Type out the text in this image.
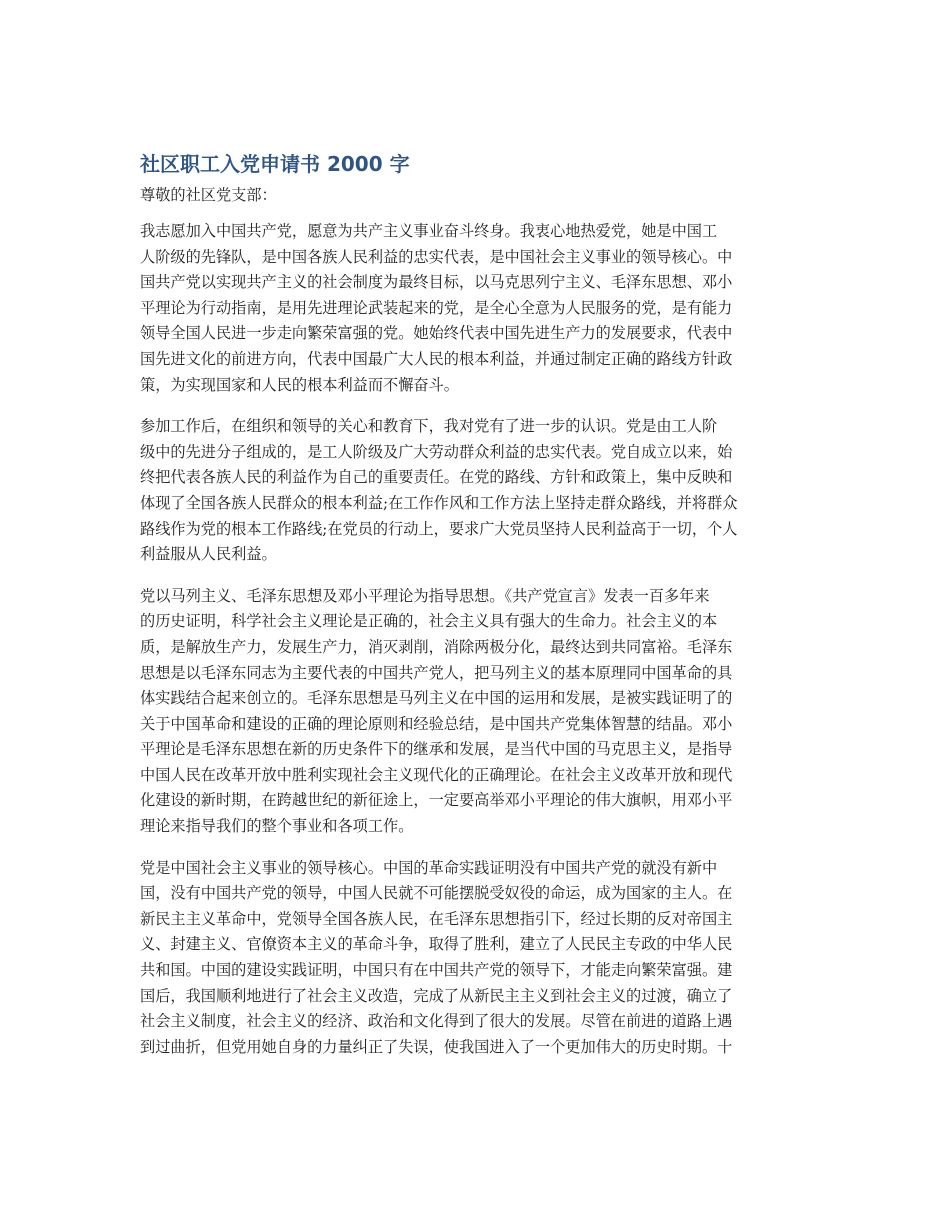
社区职工入党申请书 2000 字

尊敬的社区党支部：

我志愿加入中国共产党，愿意为共产主义事业奋斗终身。我衷心地热爱党，她是中国工
人阶级的先锋队，是中国各族人民利益的忠实代表，是中国社会主义事业的领导核心。中
国共产党以实现共产主义的社会制度为最终目标，以马克思列宁主义、毛泽东思想、邓小
平理论为行动指南，是用先进理论武装起来的党，是全心全意为人民服务的党，是有能力
领导全国人民进一步走向繁荣富强的党。她始终代表中国先进生产力的发展要求，代表中
国先进文化的前进方向，代表中国最广大人民的根本利益，并通过制定正确的路线方针政
策，为实现国家和人民的根本利益而不懈奋斗。
参加工作后，在组织和领导的关心和教育下，我对党有了进一步的认识。党是由工人阶
级中的先进分子组成的，是工人阶级及广大劳动群众利益的忠实代表。党自成立以来，始
终把代表各族人民的利益作为自己的重要责任。在党的路线、方针和政策上，集中反映和
体现了全国各族人民群众的根本利益;在工作作风和工作方法上坚持走群众路线，并将群众
路线作为党的根本工作路线;在党员的行动上，要求广大党员坚持人民利益高于一切，个人
利益服从人民利益。
党以马列主义、毛泽东思想及邓小平理论为指导思想。《共产党宣言》发表一百多年来
的历史证明，科学社会主义理论是正确的，社会主义具有强大的生命力。社会主义的本
质，是解放生产力，发展生产力，消灭剥削，消除两极分化，最终达到共同富裕。毛泽东
思想是以毛泽东同志为主要代表的中国共产党人，把马列主义的基本原理同中国革命的具
体实践结合起来创立的。毛泽东思想是马列主义在中国的运用和发展，是被实践证明了的
关于中国革命和建设的正确的理论原则和经验总结，是中国共产党集体智慧的结晶。邓小
平理论是毛泽东思想在新的历史条件下的继承和发展，是当代中国的马克思主义，是指导
中国人民在改革开放中胜利实现社会主义现代化的正确理论。在社会主义改革开放和现代
化建设的新时期，在跨越世纪的新征途上，一定要高举邓小平理论的伟大旗帜，用邓小平
理论来指导我们的整个事业和各项工作。
党是中国社会主义事业的领导核心。中国的革命实践证明没有中国共产党的就没有新中
国，没有中国共产党的领导，中国人民就不可能摆脱受奴役的命运，成为国家的主人。在
新民主主义革命中，党领导全国各族人民，在毛泽东思想指引下，经过长期的反对帝国主
义、封建主义、官僚资本主义的革命斗争，取得了胜利，建立了人民民主专政的中华人民
共和国。中国的建设实践证明，中国只有在中国共产党的领导下，才能走向繁荣富强。建
国后，我国顺利地进行了社会主义改造，完成了从新民主主义到社会主义的过渡，确立了
社会主义制度，社会主义的经济、政治和文化得到了很大的发展。尽管在前进的道路上遇
到过曲折，但党用她自身的力量纠正了失误，使我国进入了一个更加伟大的历史时期。十
